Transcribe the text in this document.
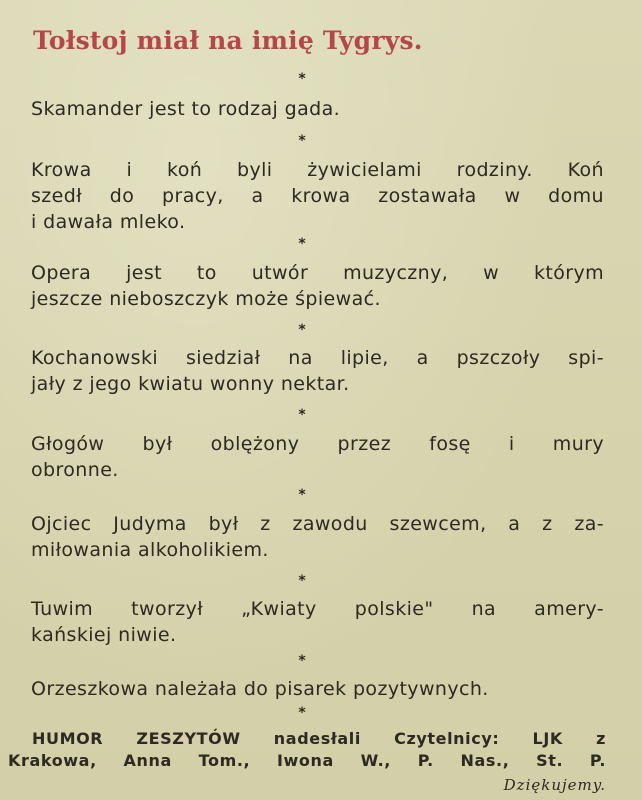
Tołstoj miał na imię Tygrys.
*
Skamander jest to rodzaj gada.
*
Krowa i koń byli żywicielami rodziny. Koń
szedł do pracy, a krowa zostawała w domu
i dawała mleko.
*
Opera jest to utwór muzyczny, w którym
jeszcze nieboszczyk może śpiewać.
*
Kochanowski siedział na lipie, a pszczoły spi-
jały z jego kwiatu wonny nektar.
*
Głogów był oblężony przez fosę i mury
obronne.
*
Ojciec Judyma był z zawodu szewcem, a z za-
miłowania alkoholikiem.
*
Tuwim tworzył „Kwiaty polskie" na amery-
kańskiej niwie.
*
Orzeszkowa należała do pisarek pozytywnych.
*
HUMOR ZESZYTÓW nadesłali Czytelnicy: LJK z
Krakowa, Anna Tom., Iwona W., P. Nas., St. P.
Dziękujemy.
